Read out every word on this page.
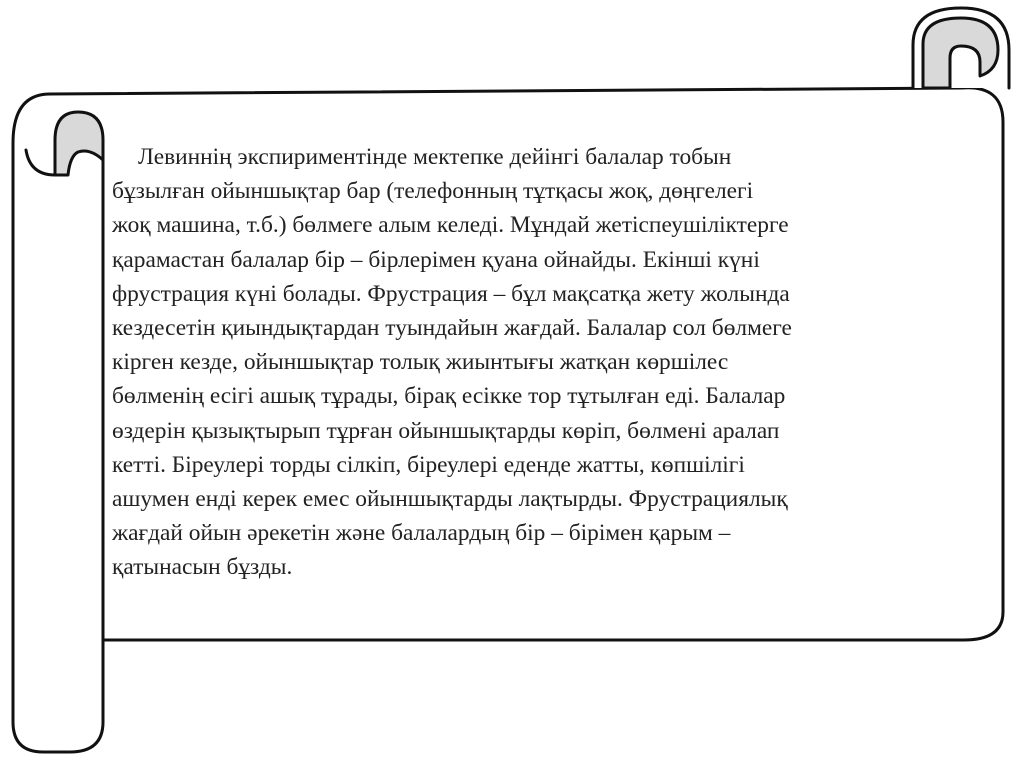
Левиннің экспириментінде мектепке дейінгі балалар тобын
бұзылған ойыншықтар бар (телефонның тұтқасы жоқ, дөңгелегі
жоқ машина, т.б.) бөлмеге алым келеді. Мұндай жетіспеушіліктерге
қарамастан балалар бір – бірлерімен қуана ойнайды. Екінші күні
фрустрация күні болады. Фрустрация – бұл мақсатқа жету жолында
кездесетін қиындықтардан туындайын жағдай. Балалар сол бөлмеге
кірген кезде, ойыншықтар толық жиынтығы жатқан көршілес
бөлменің есігі ашық тұрады, бірақ есікке тор тұтылған еді. Балалар
өздерін қызықтырып тұрған ойыншықтарды көріп, бөлмені аралап
кетті. Біреулері торды сілкіп, біреулері еденде жатты, көпшілігі
ашумен енді керек емес ойыншықтарды лақтырды. Фрустрациялық
жағдай ойын әрекетін және балалардың бір – бірімен қарым –
қатынасын бұзды.
